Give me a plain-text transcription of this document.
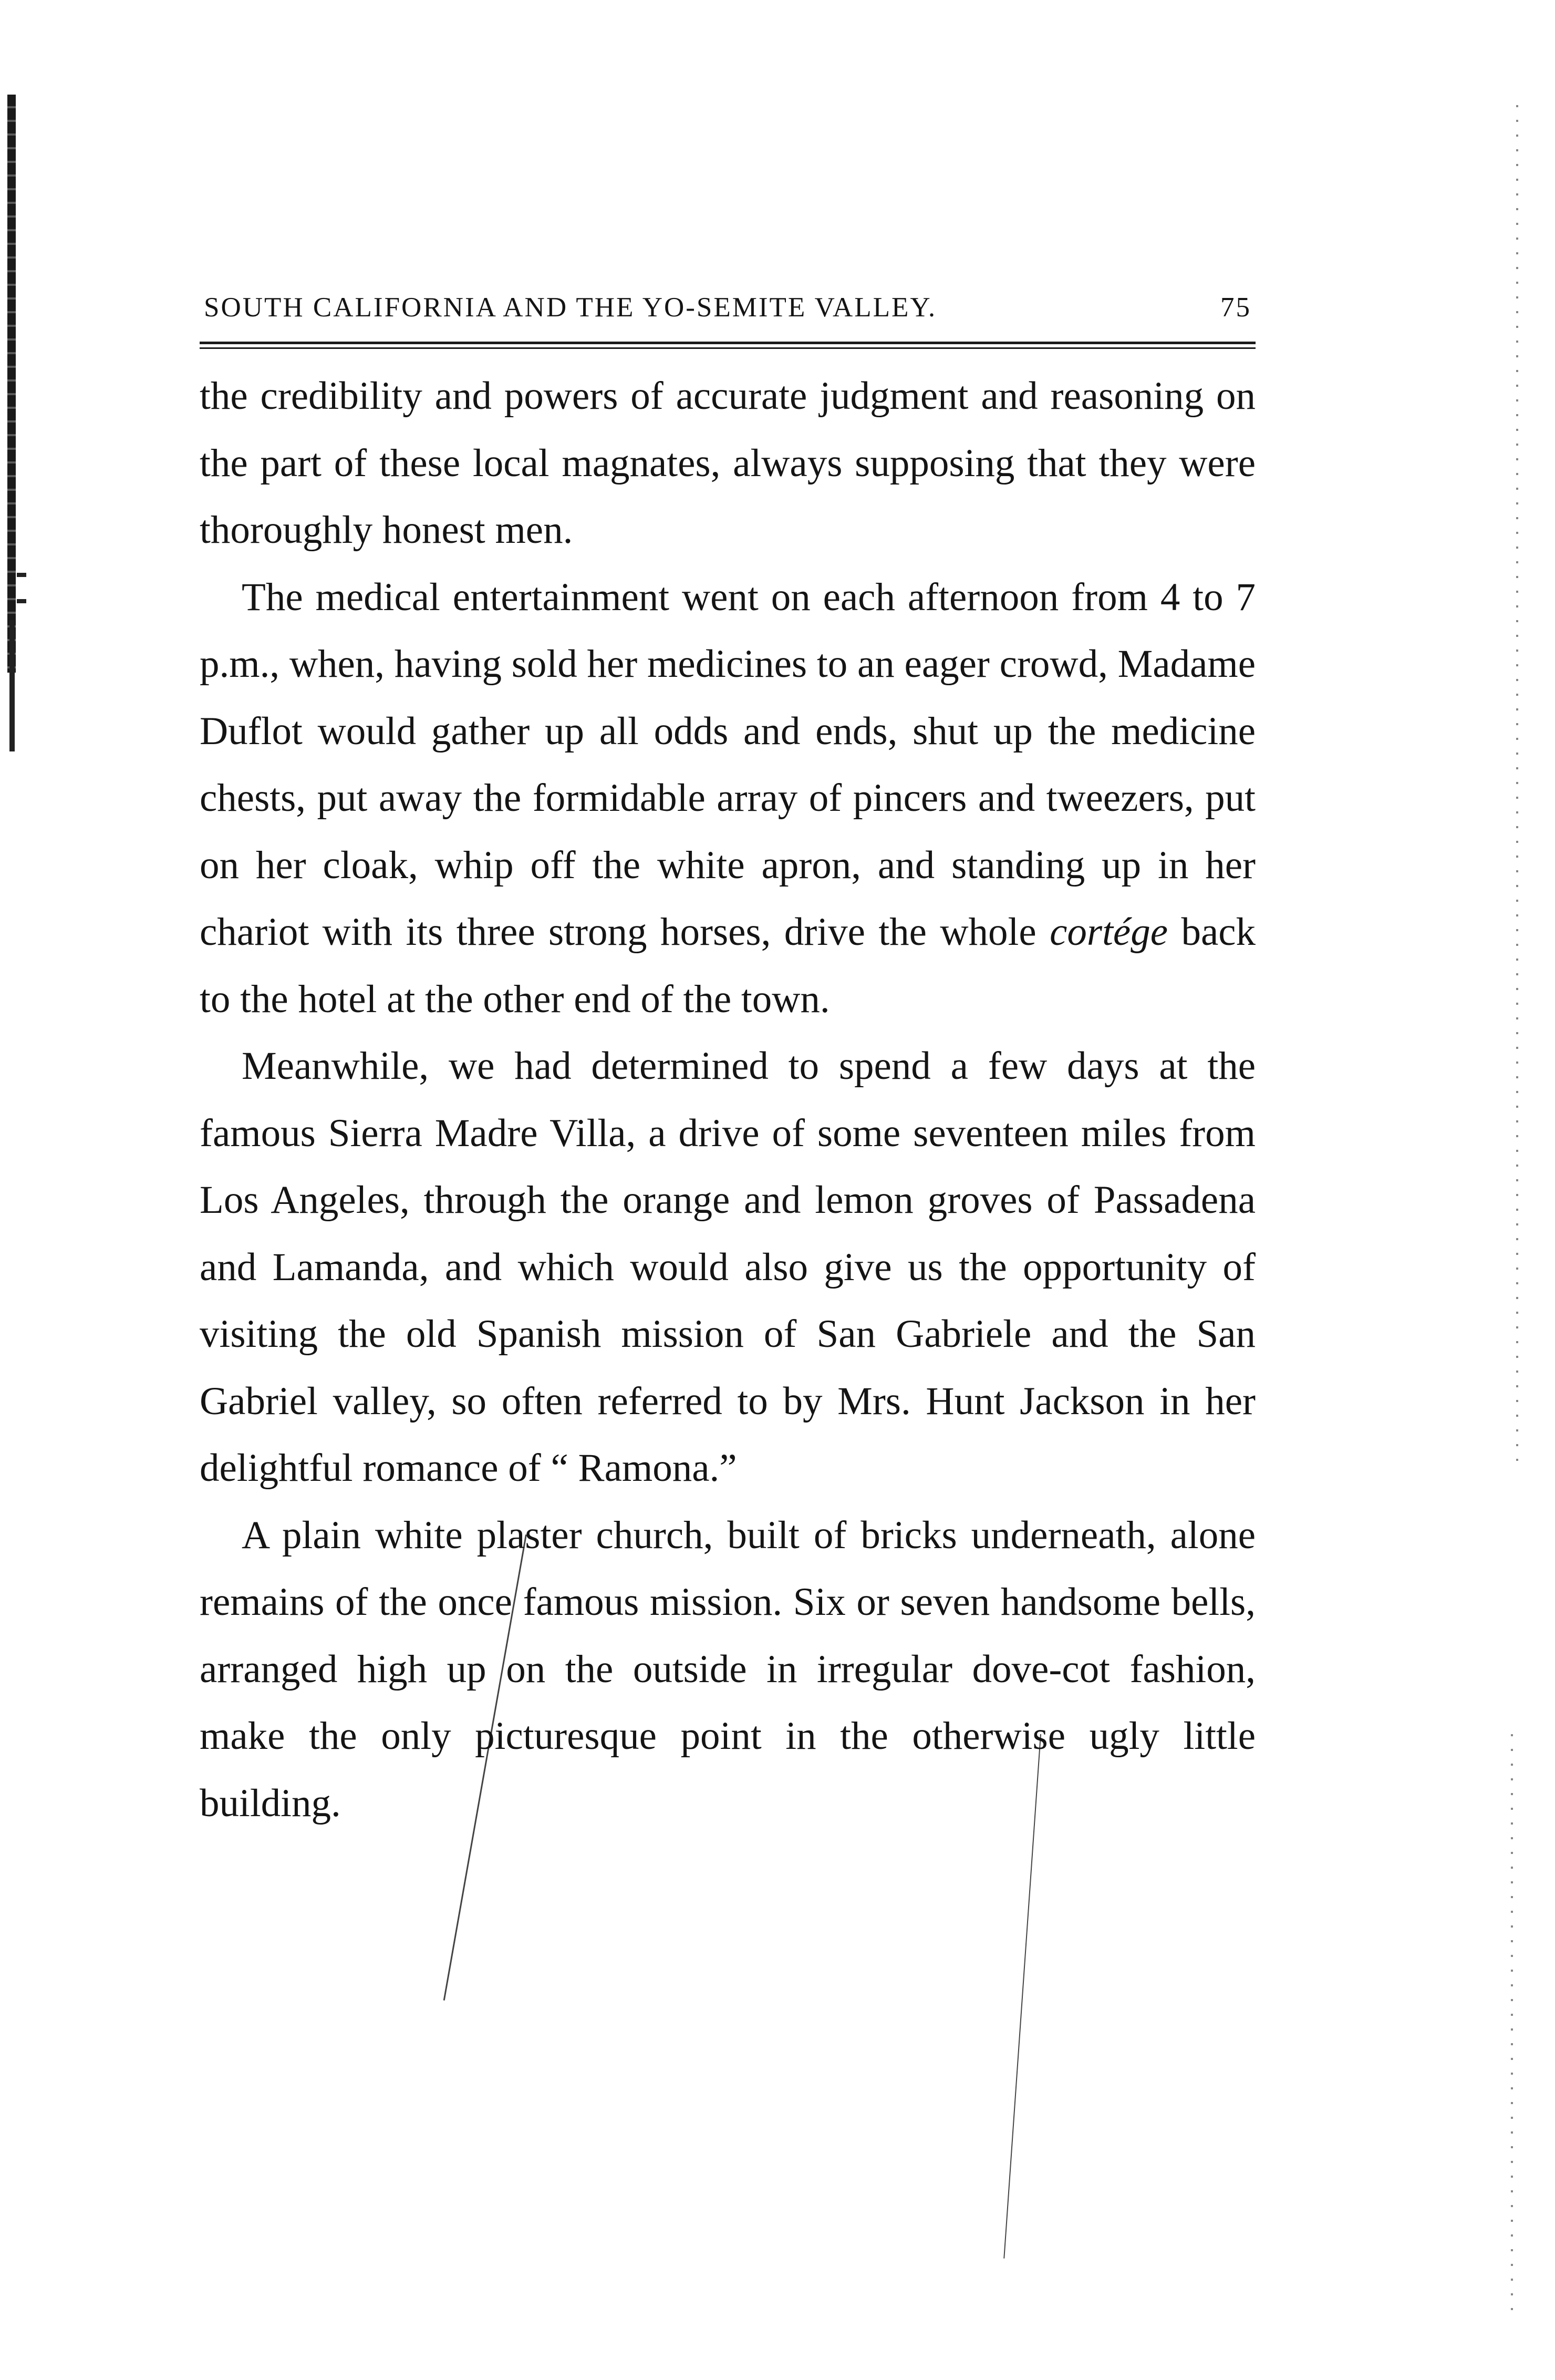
SOUTH CALIFORNIA AND THE YO-SEMITE VALLEY.	75

the credibility and powers of accurate judgment and reasoning on the part of these local magnates, always supposing that they were thoroughly honest men.

The medical entertainment went on each afternoon from 4 to 7 p.m., when, having sold her medicines to an eager crowd, Madame Duflot would gather up all odds and ends, shut up the medicine chests, put away the formidable array of pincers and tweezers, put on her cloak, whip off the white apron, and standing up in her chariot with its three strong horses, drive the whole cortége back to the hotel at the other end of the town.

Meanwhile, we had determined to spend a few days at the famous Sierra Madre Villa, a drive of some seventeen miles from Los Angeles, through the orange and lemon groves of Passadena and Lamanda, and which would also give us the opportunity of visiting the old Spanish mission of San Gabriele and the San Gabriel valley, so often referred to by Mrs. Hunt Jackson in her delightful romance of “ Ramona.”

A plain white plaster church, built of bricks underneath, alone remains of the once famous mission. Six or seven handsome bells, arranged high up on the outside in irregular dove-cot fashion, make the only picturesque point in the otherwise ugly little building.
